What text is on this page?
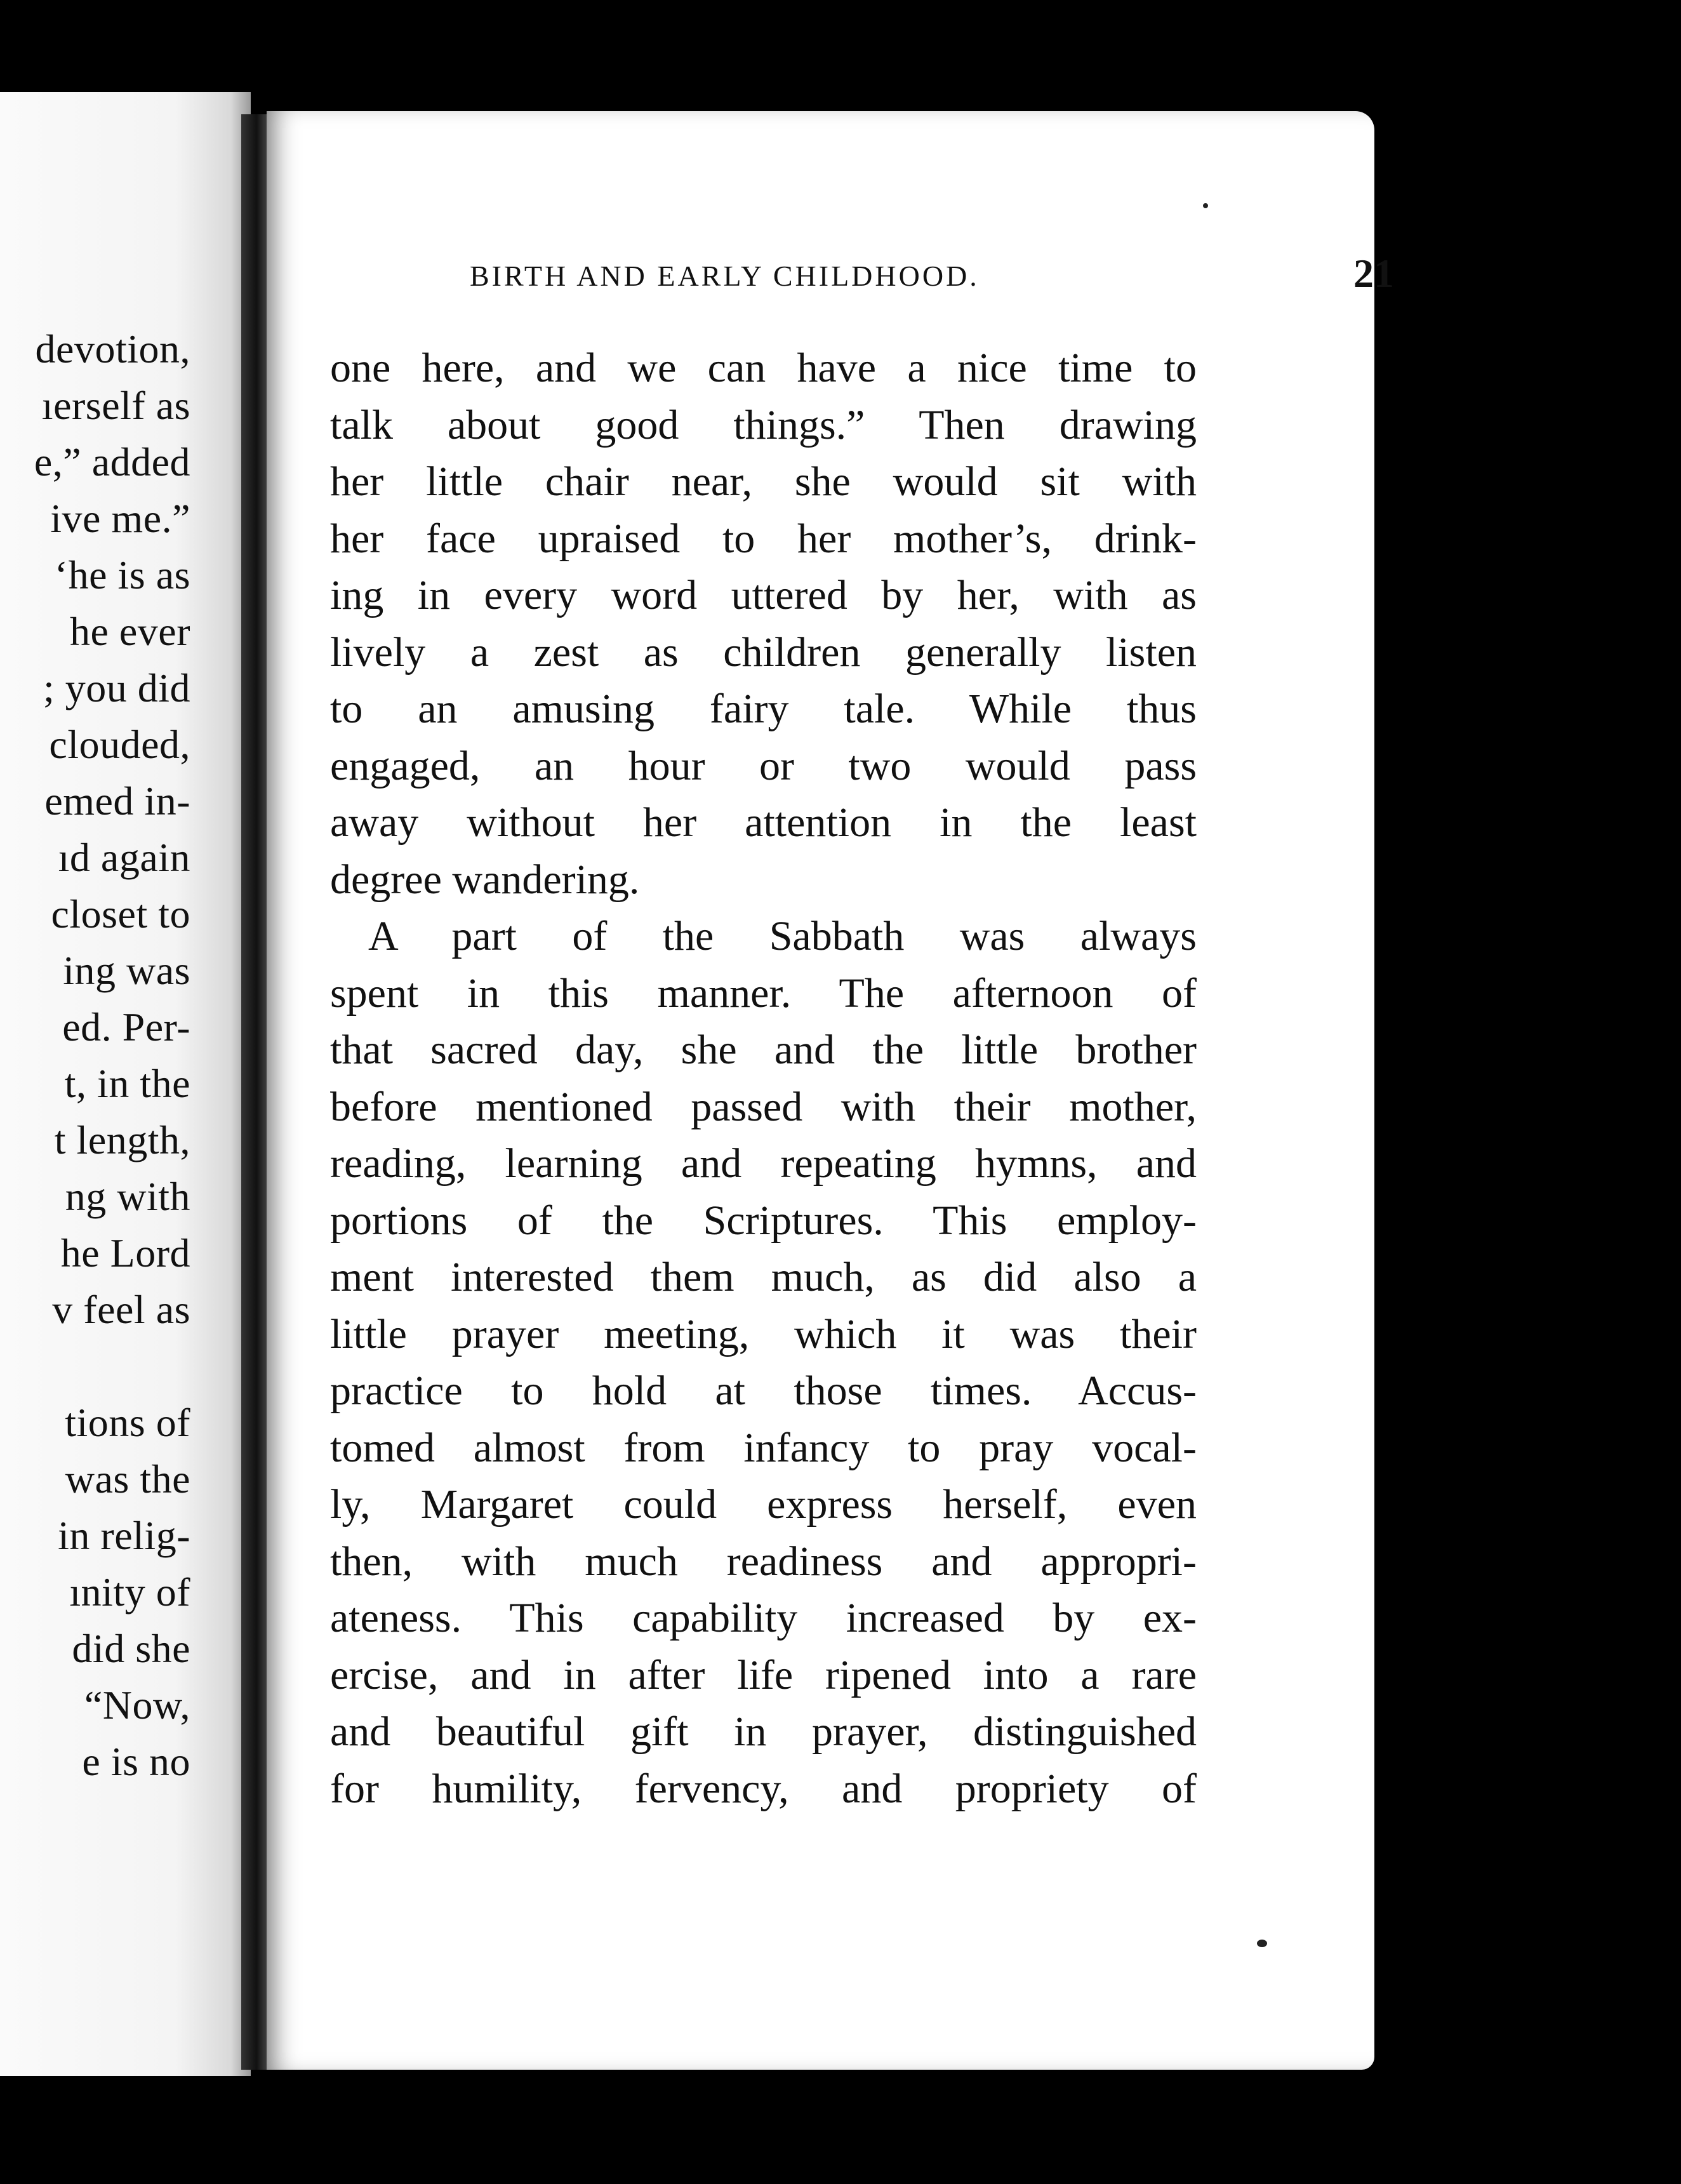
devotion,
ıerself as
e,” added
ive me.”
‘he is as
he ever
; you did
clouded,
emed in-
ıd again
closet to
ing was
ed. Per-
t, in the
t length,
ng with
he Lord
v feel as
tions of
was the
in relig-
ınity of
did she
“Now,
e is no
BIRTH AND EARLY CHILDHOOD.	21
one here, and we can have a nice time to
talk about good things.” Then drawing
her little chair near, she would sit with
her face upraised to her mother’s, drink-
ing in every word uttered by her, with as
lively a zest as children generally listen
to an amusing fairy tale. While thus
engaged, an hour or two would pass
away without her attention in the least
degree wandering.
A part of the Sabbath was always
spent in this manner. The afternoon of
that sacred day, she and the little brother
before mentioned passed with their mother,
reading, learning and repeating hymns, and
portions of the Scriptures. This employ-
ment interested them much, as did also a
little prayer meeting, which it was their
practice to hold at those times. Accus-
tomed almost from infancy to pray vocal-
ly, Margaret could express herself, even
then, with much readiness and appropri-
ateness. This capability increased by ex-
ercise, and in after life ripened into a rare
and beautiful gift in prayer, distinguished
for humility, fervency, and propriety of
